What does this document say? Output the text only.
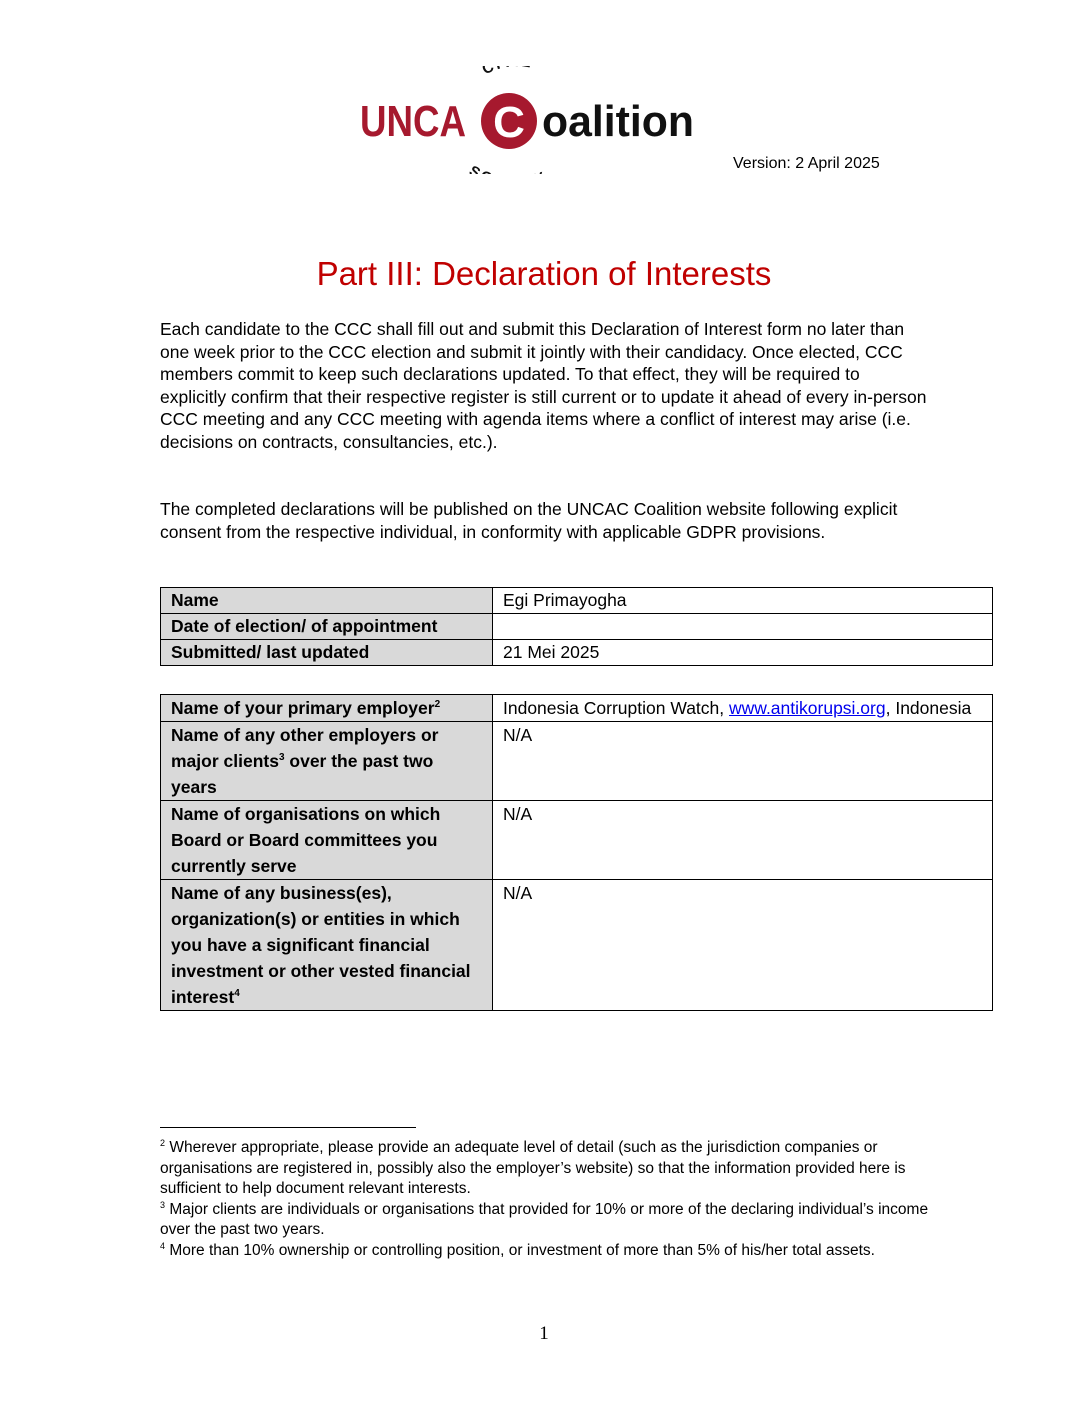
UNCA C oalition
C
S	Version: 2 April 2025
Part III: Declaration of Interests
Each candidate to the CCC shall fill out and submit this Declaration of Interest form no later than one week prior to the CCC election and submit it jointly with their candidacy. Once elected, CCC members commit to keep such declarations updated. To that effect, they will be required to explicitly confirm that their respective register is still current or to update it ahead of every in-person CCC meeting and any CCC meeting with agenda items where a conflict of interest may arise (i.e. decisions on contracts, consultancies, etc.).
The completed declarations will be published on the UNCAC Coalition website following explicit consent from the respective individual, in conformity with applicable GDPR provisions.
Name	Egi Primayogha
Date of election/ of appointment	
Submitted/ last updated	21 Mei 2025
Name of your primary employer$^2$	Indonesia Corruption Watch, www.antikorupsi.org, Indonesia
Name of any other employers or major clients$^3$ over the past two years	N/A
Name of organisations on which Board or Board committees you currently serve	N/A
Name of any business(es), organization(s) or entities in which you have a significant financial investment or other vested financial interest$^4$	N/A
$^2$ Wherever appropriate, please provide an adequate level of detail (such as the jurisdiction companies or organisations are registered in, possibly also the employer’s website) so that the information provided here is sufficient to help document relevant interests.
$^3$ Major clients are individuals or organisations that provided for 10% or more of the declaring individual’s income over the past two years.
$^4$ More than 10% ownership or controlling position, or investment of more than 5% of his/her total assets.
1
